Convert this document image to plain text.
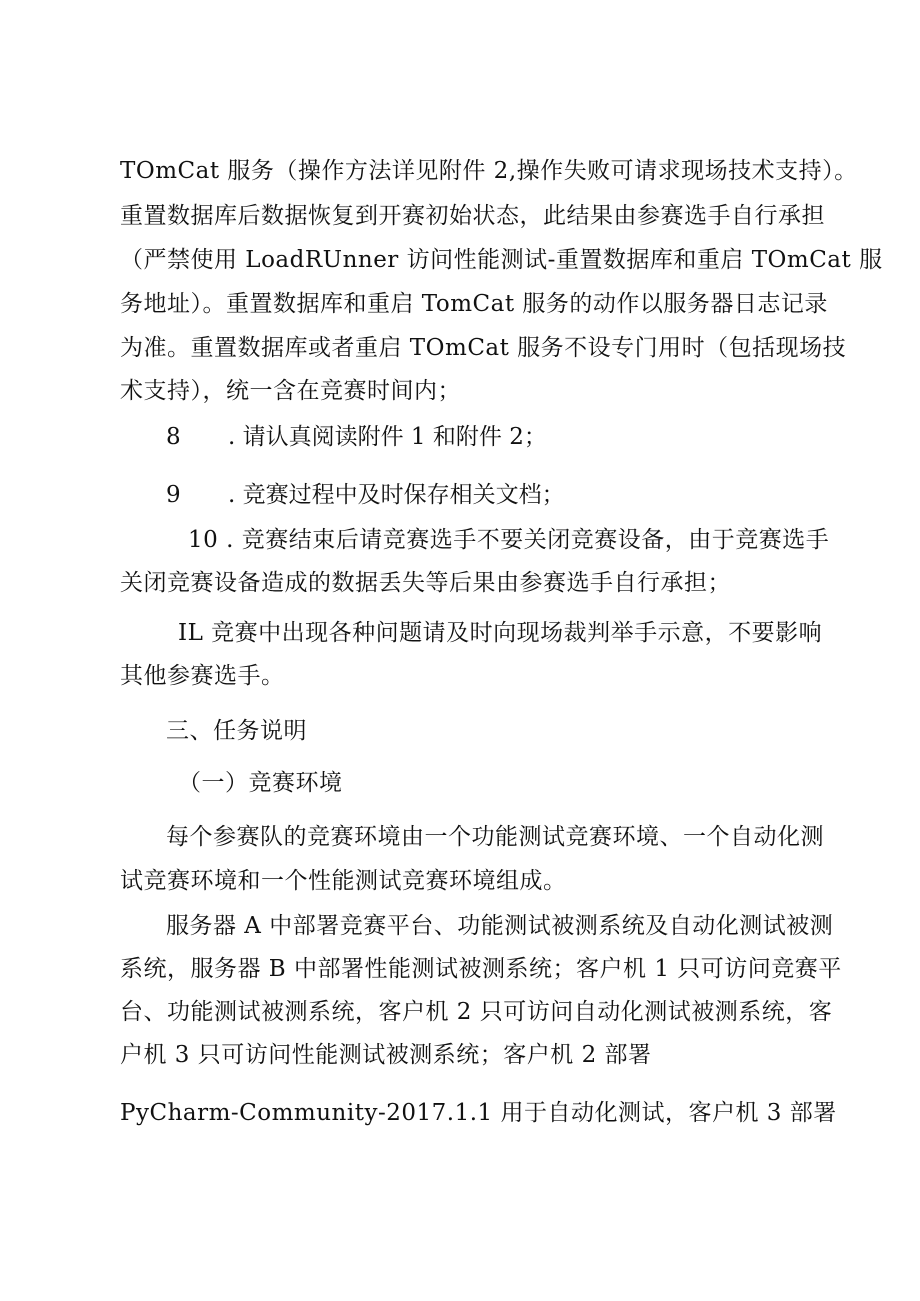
TOmCat 服务（操作方法详见附件 2,操作失败可请求现场技术支持）。
重置数据库后数据恢复到开赛初始状态，此结果由参赛选手自行承担
（严禁使用 LoadRUnner 访问性能测试-重置数据库和重启 TOmCat 服
务地址）。重置数据库和重启 TomCat 服务的动作以服务器日志记录
为准。重置数据库或者重启 TOmCat 服务不设专门用时（包括现场技
术支持），统一含在竞赛时间内；
8 . 请认真阅读附件 1 和附件 2；
9 . 竞赛过程中及时保存相关文档；
10 . 竞赛结束后请竞赛选手不要关闭竞赛设备，由于竞赛选手
关闭竞赛设备造成的数据丢失等后果由参赛选手自行承担；
IL 竞赛中出现各种问题请及时向现场裁判举手示意，不要影响
其他参赛选手。
三、任务说明
（一）竞赛环境
每个参赛队的竞赛环境由一个功能测试竞赛环境、一个自动化测
试竞赛环境和一个性能测试竞赛环境组成。
服务器 A 中部署竞赛平台、功能测试被测系统及自动化测试被测
系统，服务器 B 中部署性能测试被测系统；客户机 1 只可访问竞赛平
台、功能测试被测系统，客户机 2 只可访问自动化测试被测系统，客
户机 3 只可访问性能测试被测系统；客户机 2 部署
PyCharm-Community-2017.1.1 用于自动化测试，客户机 3 部署
